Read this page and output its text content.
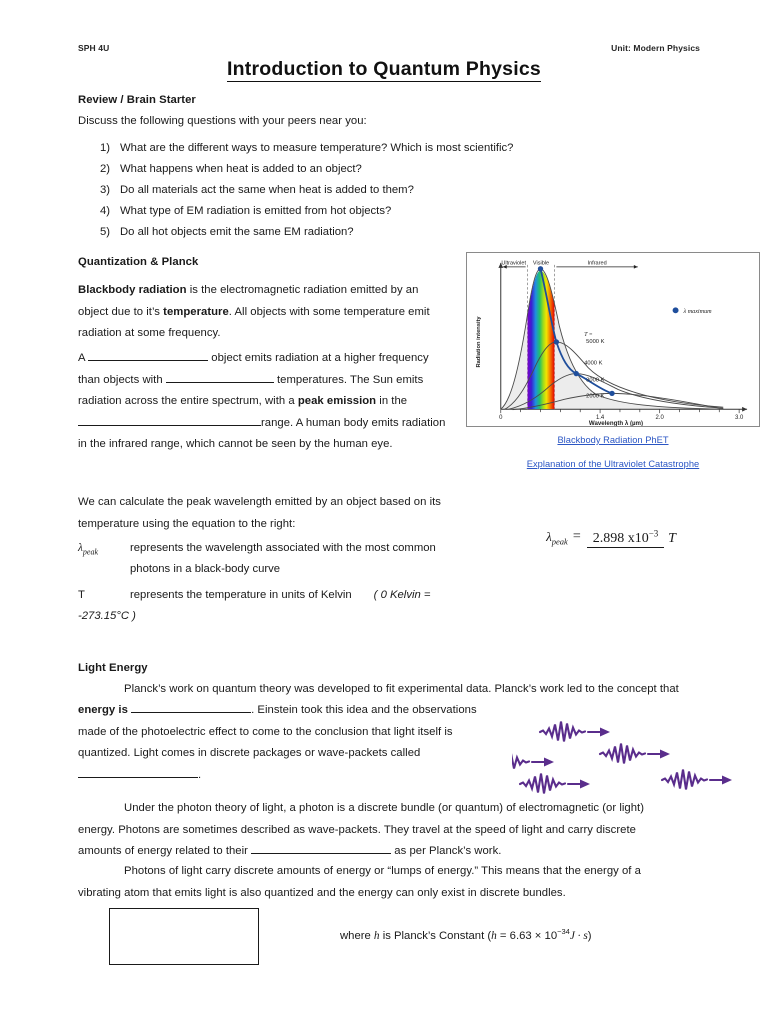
SPH 4U	Unit: Modern Physics
Introduction to Quantum Physics
Review / Brain Starter
Discuss the following questions with your peers near you:
1) What are the different ways to measure temperature? Which is most scientific?
2) What happens when heat is added to an object?
3) Do all materials act the same when heat is added to them?
4) What type of EM radiation is emitted from hot objects?
5) Do all hot objects emit the same EM radiation?
Quantization & Planck
Blackbody radiation is the electromagnetic radiation emitted by an object due to it’s temperature. All objects with some temperature emit radiation at some frequency.
A	object emits radiation at a higher frequency than objects with	temperatures. The Sun emits radiation across the entire spectrum, with a peak emission in the range. A human body emits radiation in the infrared range, which cannot be seen by the human eye.
We can calculate the peak wavelength emitted by an object based on its temperature using the equation to the right:
$\lambda_{peak}$	represents the wavelength associated with the most common photons in a black-body curve
T	represents the temperature in units of Kelvin ( 0 Kelvin = -273.15°C )
Ultraviolet Visible	Infrared
T =
5000 K
4000 K
3000 K
2000 K
λ maximum
0	1.4	2.0	3.0
Wavelength λ (µm)
Radiation intensity
Blackbody Radiation PhET
Explanation of the Ultraviolet Catastrophe
$\lambda_{peak} = 2.898$ $x10^{-3}$ T
Light Energy
Planck’s work on quantum theory was developed to fit experimental data. Planck’s work led to the concept that
energy is	. Einstein took this idea and the observations made of the photoelectric effect to come to the conclusion that light itself is quantized. Light comes in discrete packages or wave-packets called .
Under the photon theory of light, a photon is a discrete bundle (or quantum) of electromagnetic (or light) energy. Photons are sometimes described as wave-packets. They travel at the speed of light and carry discrete amounts of energy related to their	as per Planck’s work.
Photons of light carry discrete amounts of energy or “lumps of energy.” This means that the energy of a vibrating atom that emits light is also quantized and the energy can only exist in discrete bundles.
where h is Planck’s Constant $(h = 6.63 \times 10^{-34}J \cdot s)$
